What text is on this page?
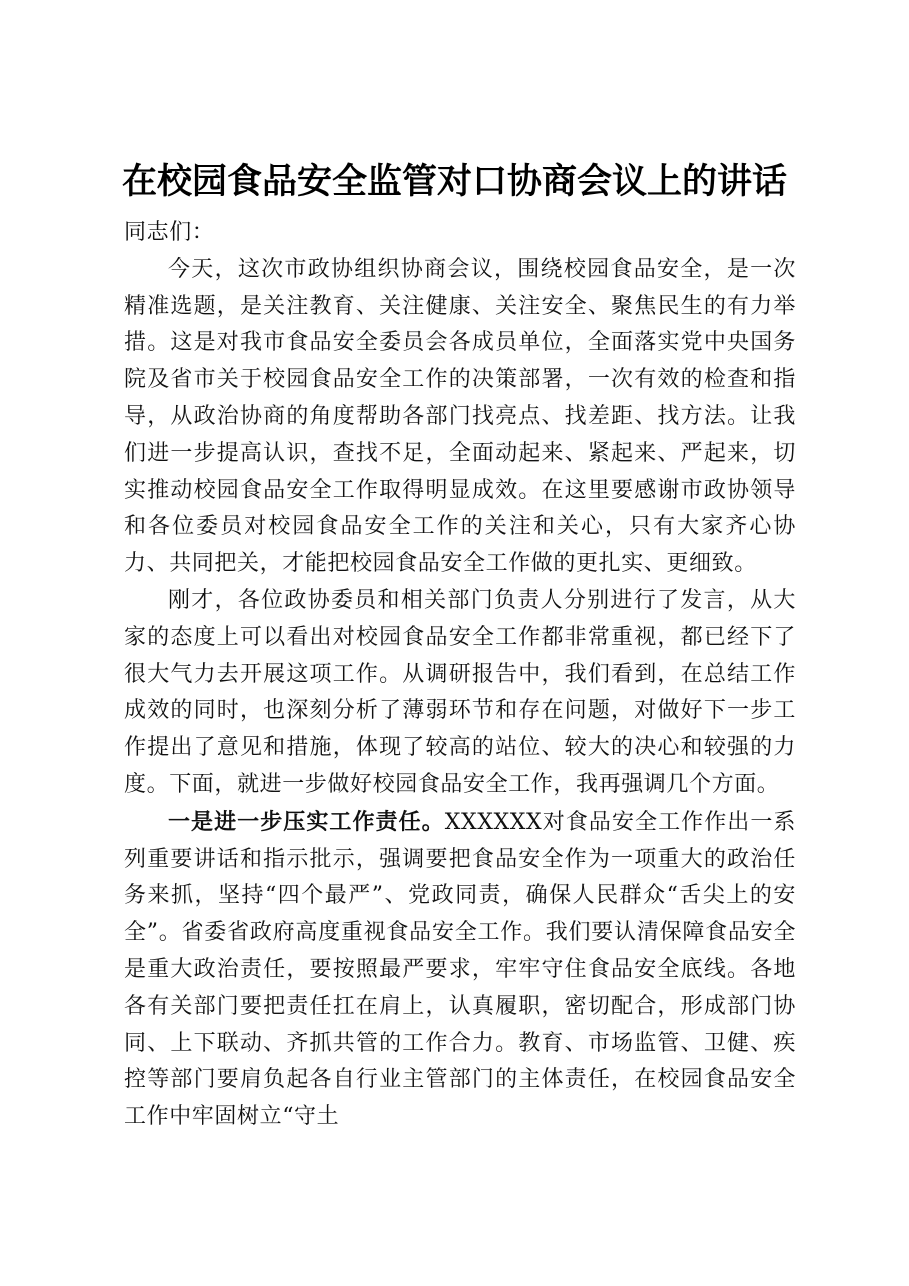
在校园食品安全监管对口协商会议上的讲话

同志们：

今天，这次市政协组织协商会议，围绕校园食品安全，是一次精准选题，是关注教育、关注健康、关注安全、聚焦民生的有力举措。这是对我市食品安全委员会各成员单位，全面落实党中央国务院及省市关于校园食品安全工作的决策部署，一次有效的检查和指导，从政治协商的角度帮助各部门找亮点、找差距、找方法。让我们进一步提高认识，查找不足，全面动起来、紧起来、严起来，切实推动校园食品安全工作取得明显成效。在这里要感谢市政协领导和各位委员对校园食品安全工作的关注和关心，只有大家齐心协力、共同把关，才能把校园食品安全工作做的更扎实、更细致。

刚才，各位政协委员和相关部门负责人分别进行了发言，从大家的态度上可以看出对校园食品安全工作都非常重视，都已经下了很大气力去开展这项工作。从调研报告中，我们看到，在总结工作成效的同时，也深刻分析了薄弱环节和存在问题，对做好下一步工作提出了意见和措施，体现了较高的站位、较大的决心和较强的力度。下面，就进一步做好校园食品安全工作，我再强调几个方面。

一是进一步压实工作责任。XXXXXX对食品安全工作作出一系列重要讲话和指示批示，强调要把食品安全作为一项重大的政治任务来抓，坚持“四个最严”、党政同责，确保人民群众“舌尖上的安全”。省委省政府高度重视食品安全工作。我们要认清保障食品安全是重大政治责任，要按照最严要求，牢牢守住食品安全底线。各地各有关部门要把责任扛在肩上，认真履职，密切配合，形成部门协同、上下联动、齐抓共管的工作合力。教育、市场监管、卫健、疾控等部门要肩负起各自行业主管部门的主体责任，在校园食品安全工作中牢固树立“守土
